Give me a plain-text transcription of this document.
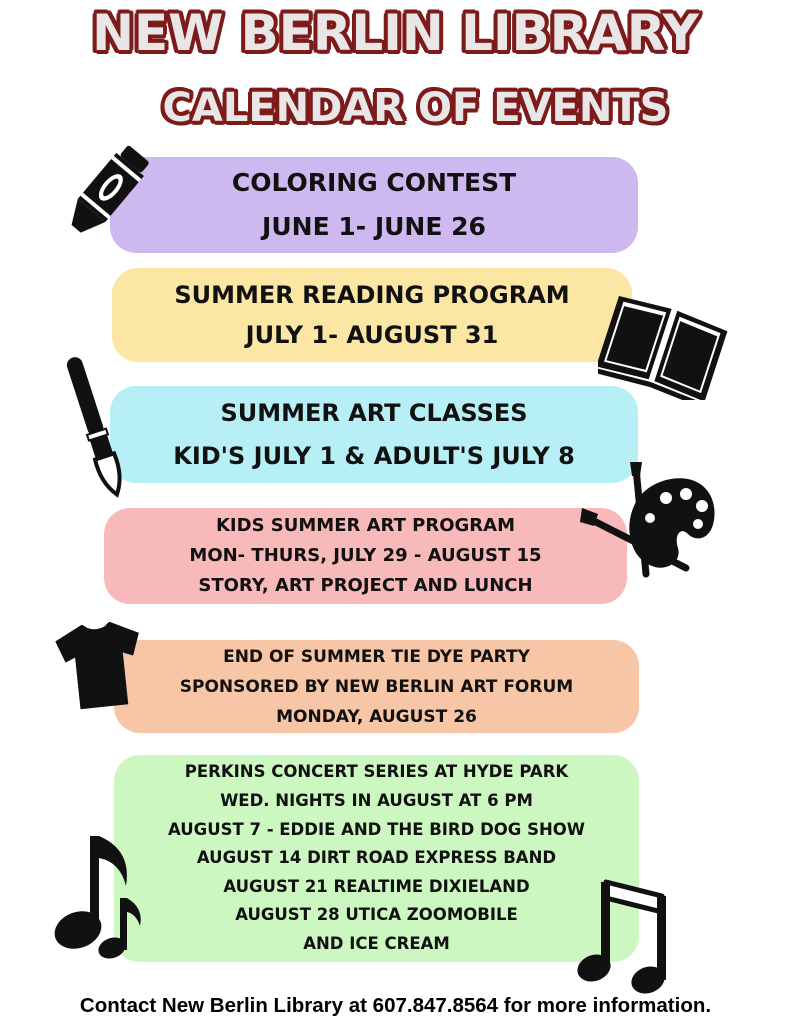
NEW BERLIN LIBRARY
CALENDAR OF EVENTS
COLORING CONTEST
JUNE 1- JUNE 26
SUMMER READING PROGRAM
JULY 1- AUGUST 31
SUMMER ART CLASSES
KID'S JULY 1 & ADULT'S JULY 8
KIDS SUMMER ART PROGRAM
MON- THURS, JULY 29 - AUGUST 15
STORY, ART PROJECT AND LUNCH
END OF SUMMER TIE DYE PARTY
SPONSORED BY NEW BERLIN ART FORUM
MONDAY, AUGUST 26
PERKINS CONCERT SERIES AT HYDE PARK
WED. NIGHTS IN AUGUST AT 6 PM
AUGUST 7 - EDDIE AND THE BIRD DOG SHOW
AUGUST 14 DIRT ROAD EXPRESS BAND
AUGUST 21 REALTIME DIXIELAND
AUGUST 28 UTICA ZOOMOBILE
AND ICE CREAM
Contact New Berlin Library at 607.847.8564 for more information.
